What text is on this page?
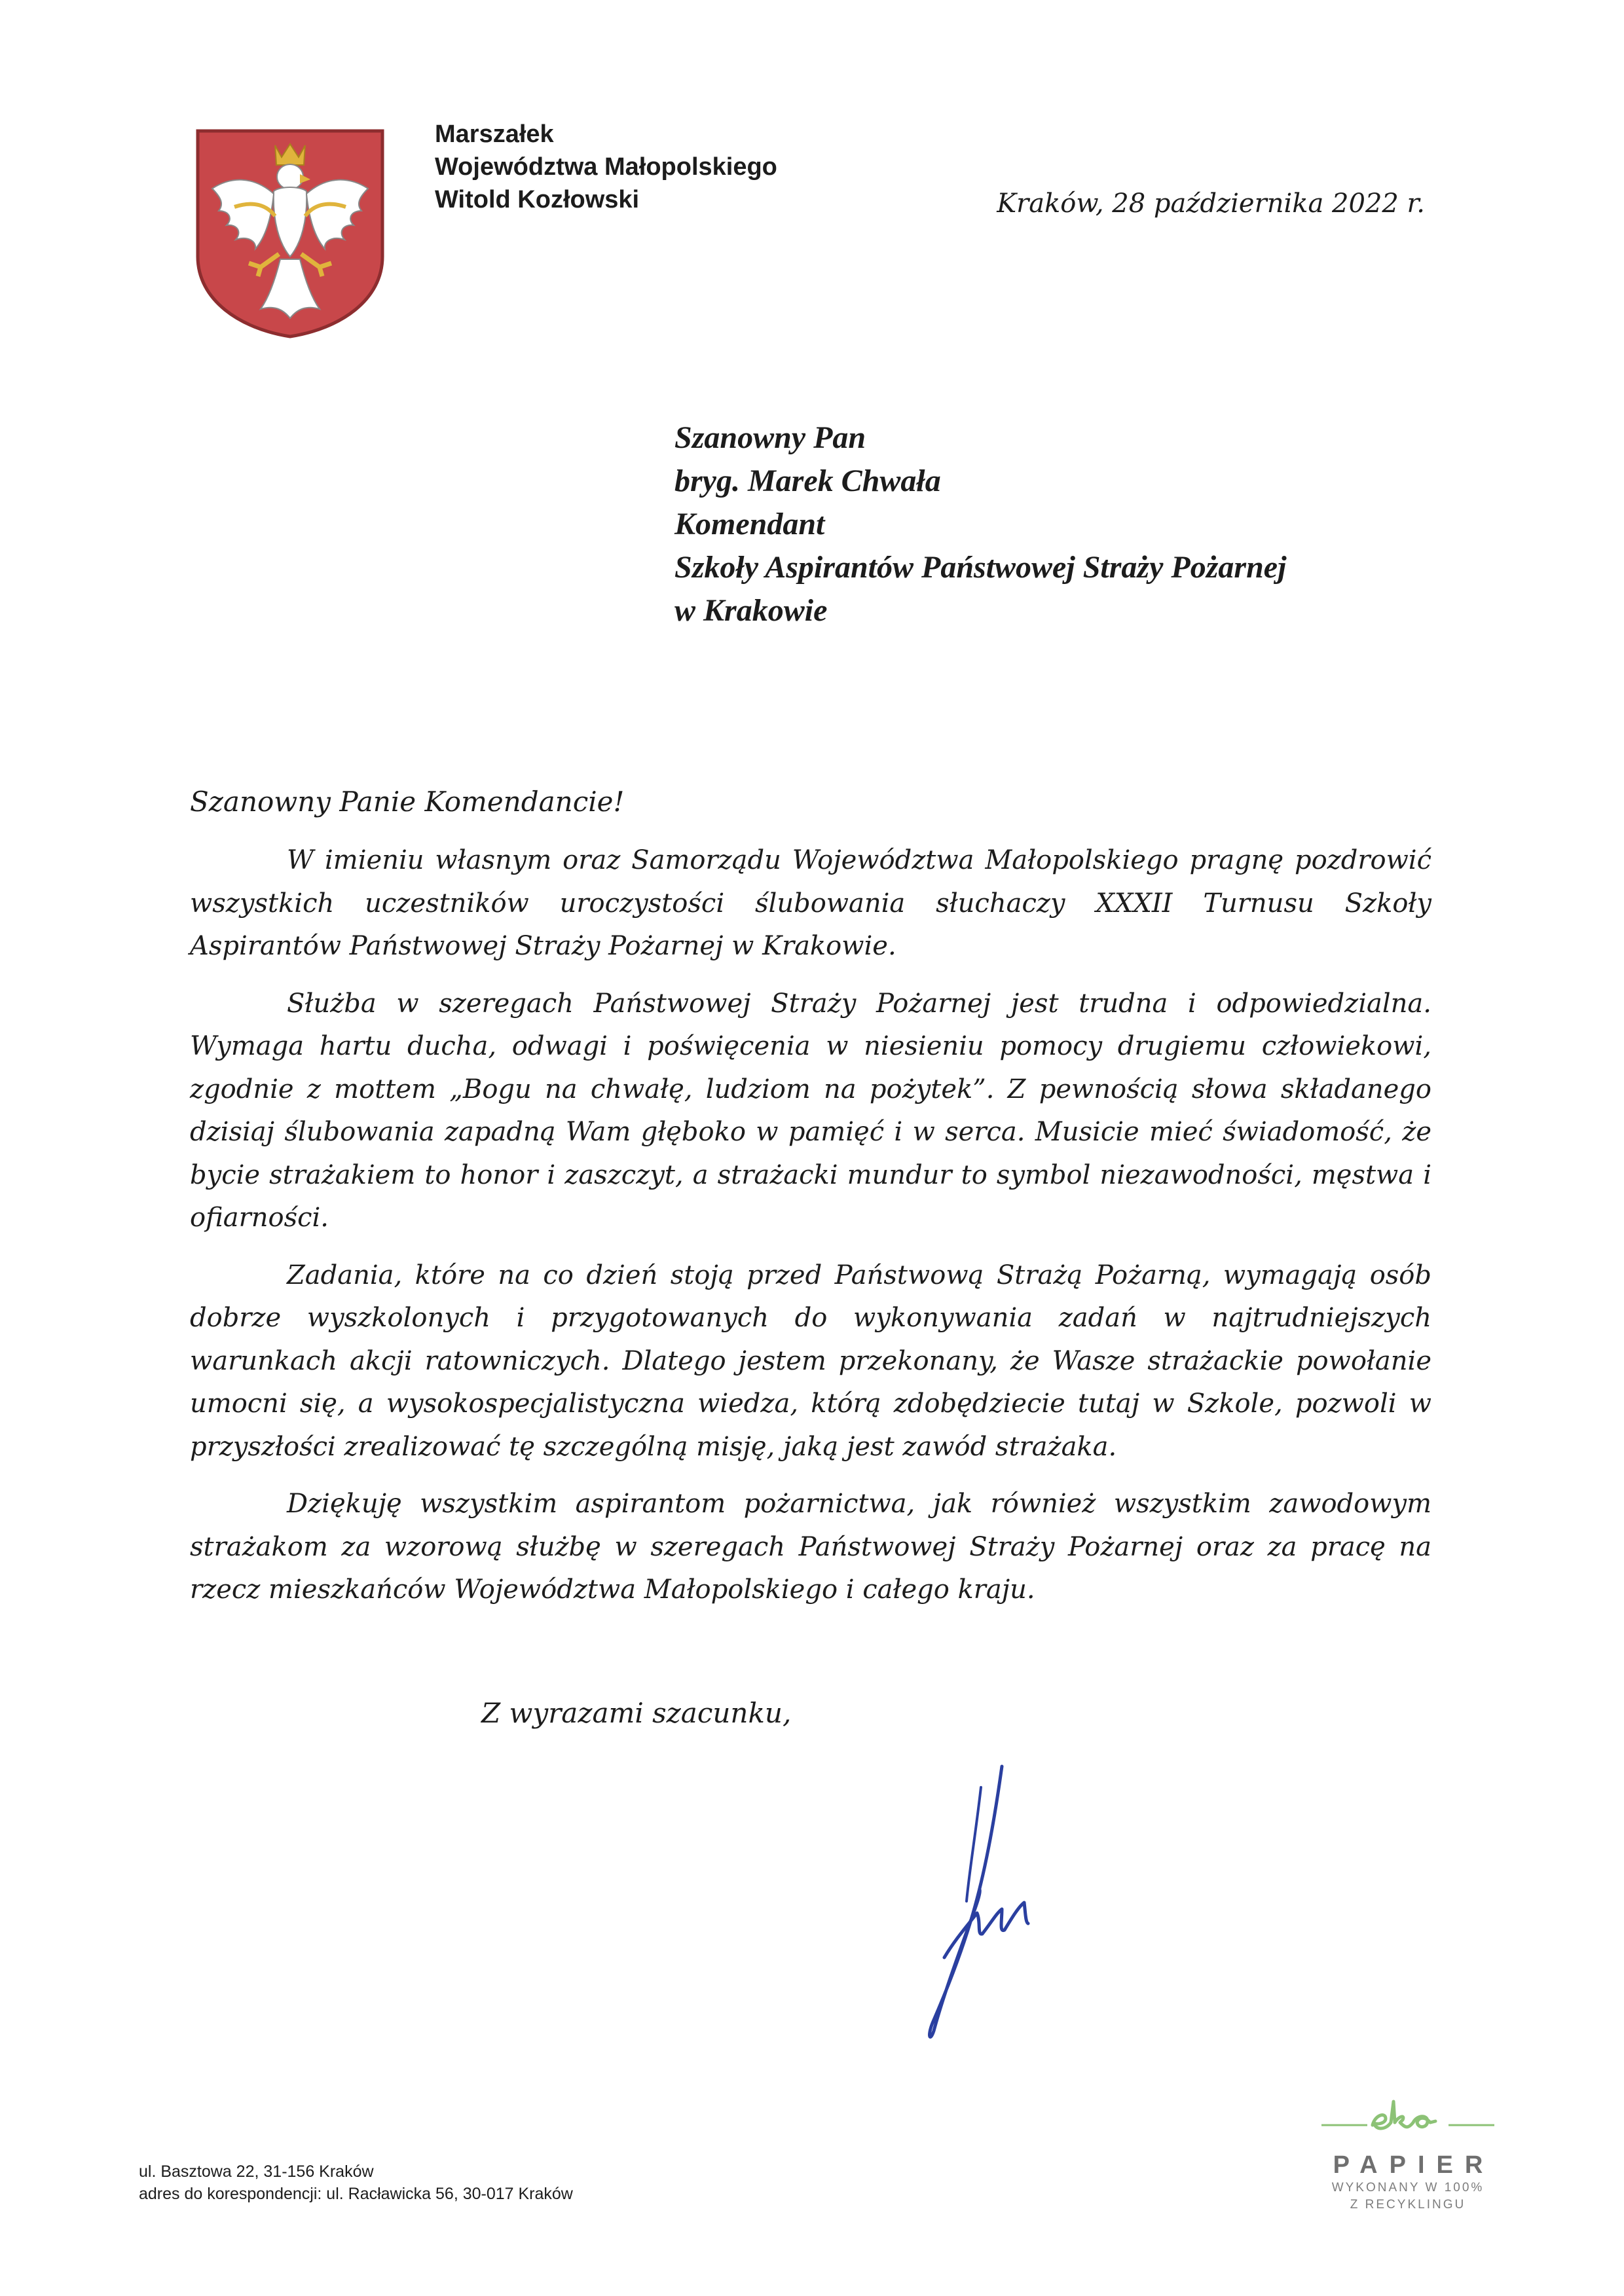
Marszałek
Województwa Małopolskiego
Witold Kozłowski	Kraków, 28 października 2022 r.
Szanowny Pan
bryg. Marek Chwała
Komendant
Szkoły Aspirantów Państwowej Straży Pożarnej
w Krakowie
Szanowny Panie Komendancie!

W imieniu własnym oraz Samorządu Województwa Małopolskiego pragnę pozdrowić wszystkich uczestników uroczystości ślubowania słuchaczy XXXII Turnusu Szkoły Aspirantów Państwowej Straży Pożarnej w Krakowie.

Służba w szeregach Państwowej Straży Pożarnej jest trudna i odpowiedzialna. Wymaga hartu ducha, odwagi i poświęcenia w niesieniu pomocy drugiemu człowiekowi, zgodnie z mottem „Bogu na chwałę, ludziom na pożytek”. Z pewnością słowa składanego dzisiaj ślubowania zapadną Wam głęboko w pamięć i w serca. Musicie mieć świadomość, że bycie strażakiem to honor i zaszczyt, a strażacki mundur to symbol niezawodności, męstwa i ofiarności.

Zadania, które na co dzień stoją przed Państwową Strażą Pożarną, wymagają osób dobrze wyszkolonych i przygotowanych do wykonywania zadań w najtrudniejszych warunkach akcji ratowniczych. Dlatego jestem przekonany, że Wasze strażackie powołanie umocni się, a wysokospecjalistyczna wiedza, którą zdobędziecie tutaj w Szkole, pozwoli w przyszłości zrealizować tę szczególną misję, jaką jest zawód strażaka.

Dziękuję wszystkim aspirantom pożarnictwa, jak również wszystkim zawodowym strażakom za wzorową służbę w szeregach Państwowej Straży Pożarnej oraz za pracę na rzecz mieszkańców Województwa Małopolskiego i całego kraju.

Z wyrazami szacunku,
ul. Basztowa 22, 31-156 Kraków
adres do korespondencji: ul. Racławicka 56, 30-017 Kraków
PAPIER
WYKONANY W 100%
Z RECYKLINGU
